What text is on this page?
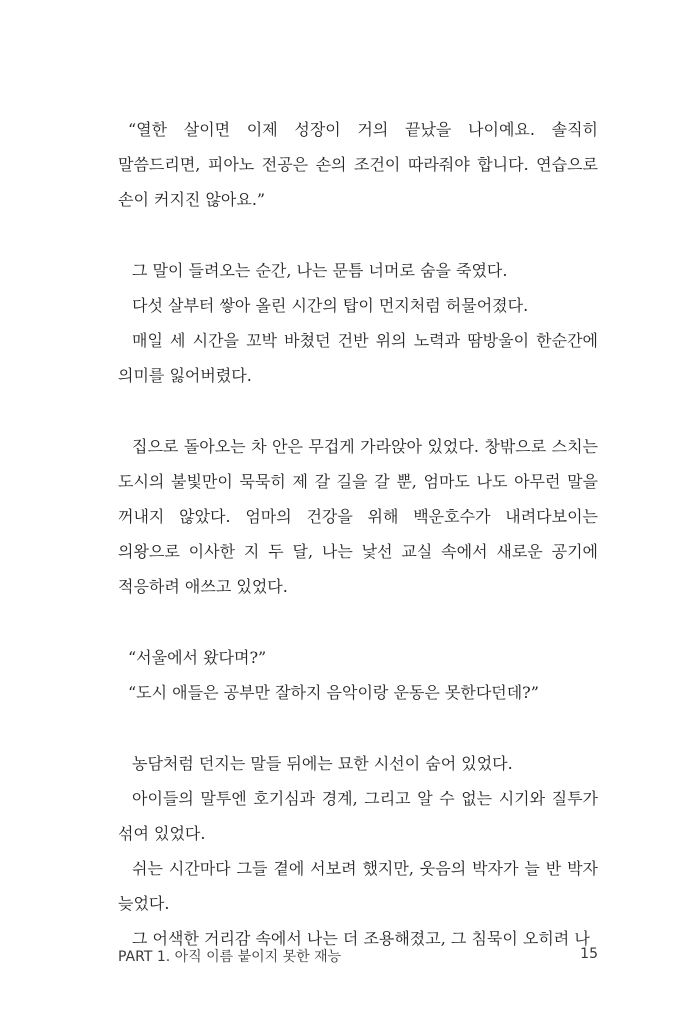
“열한 살이면 이제 성장이 거의 끝났을 나이예요. 솔직히 말씀드리면, 피아노 전공은 손의 조건이 따라줘야 합니다. 연습으로 손이 커지진 않아요.”

그 말이 들려오는 순간, 나는 문틈 너머로 숨을 죽였다.

다섯 살부터 쌓아 올린 시간의 탑이 먼지처럼 허물어졌다.

매일 세 시간을 꼬박 바쳤던 건반 위의 노력과 땀방울이 한순간에 의미를 잃어버렸다.

집으로 돌아오는 차 안은 무겁게 가라앉아 있었다. 창밖으로 스치는 도시의 불빛만이 묵묵히 제 갈 길을 갈 뿐, 엄마도 나도 아무런 말을 꺼내지 않았다. 엄마의 건강을 위해 백운호수가 내려다보이는 의왕으로 이사한 지 두 달, 나는 낯선 교실 속에서 새로운 공기에 적응하려 애쓰고 있었다.

“서울에서 왔다며?”

“도시 애들은 공부만 잘하지 음악이랑 운동은 못한다던데?”

농담처럼 던지는 말들 뒤에는 묘한 시선이 숨어 있었다.

아이들의 말투엔 호기심과 경계, 그리고 알 수 없는 시기와 질투가 섞여 있었다.

쉬는 시간마다 그들 곁에 서보려 했지만, 웃음의 박자가 늘 반 박자 늦었다.

그 어색한 거리감 속에서 나는 더 조용해졌고, 그 침묵이 오히려 나

PART 1. 아직 이름 붙이지 못한 재능	15
